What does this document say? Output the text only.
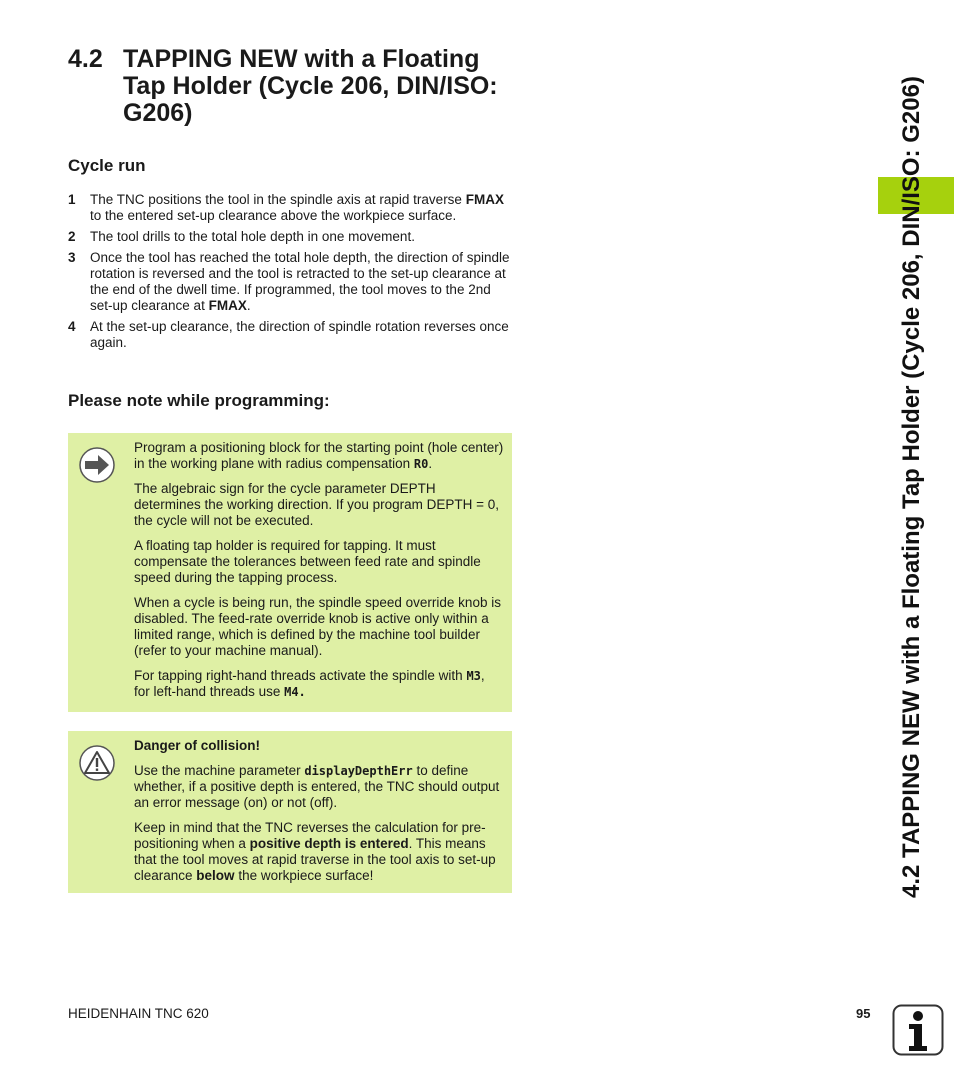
4.2 TAPPING NEW with a Floating Tap Holder (Cycle 206, DIN/ISO: G206)
Cycle run
1	The TNC positions the tool in the spindle axis at rapid traverse FMAX to the entered set-up clearance above the workpiece surface.
2	The tool drills to the total hole depth in one movement.
3	Once the tool has reached the total hole depth, the direction of spindle rotation is reversed and the tool is retracted to the set-up clearance at the end of the dwell time. If programmed, the tool moves to the 2nd set-up clearance at FMAX.
4	At the set-up clearance, the direction of spindle rotation reverses once again.
Please note while programming:

Program a positioning block for the starting point (hole center) in the working plane with radius compensation R0.

The algebraic sign for the cycle parameter DEPTH determines the working direction. If you program DEPTH = 0, the cycle will not be executed.

A floating tap holder is required for tapping. It must compensate the tolerances between feed rate and spindle speed during the tapping process.

When a cycle is being run, the spindle speed override knob is disabled. The feed-rate override knob is active only within a limited range, which is defined by the machine tool builder (refer to your machine manual).

For tapping right-hand threads activate the spindle with M3, for left-hand threads use M4.

Danger of collision!

Use the machine parameter displayDepthErr to define whether, if a positive depth is entered, the TNC should output an error message (on) or not (off).

Keep in mind that the TNC reverses the calculation for pre-positioning when a positive depth is entered. This means that the tool moves at rapid traverse in the tool axis to set-up clearance below the workpiece surface!	4.2 TAPPING NEW with a Floating Tap Holder (Cycle 206, DIN/ISO: G206)
HEIDENHAIN TNC 620	95
